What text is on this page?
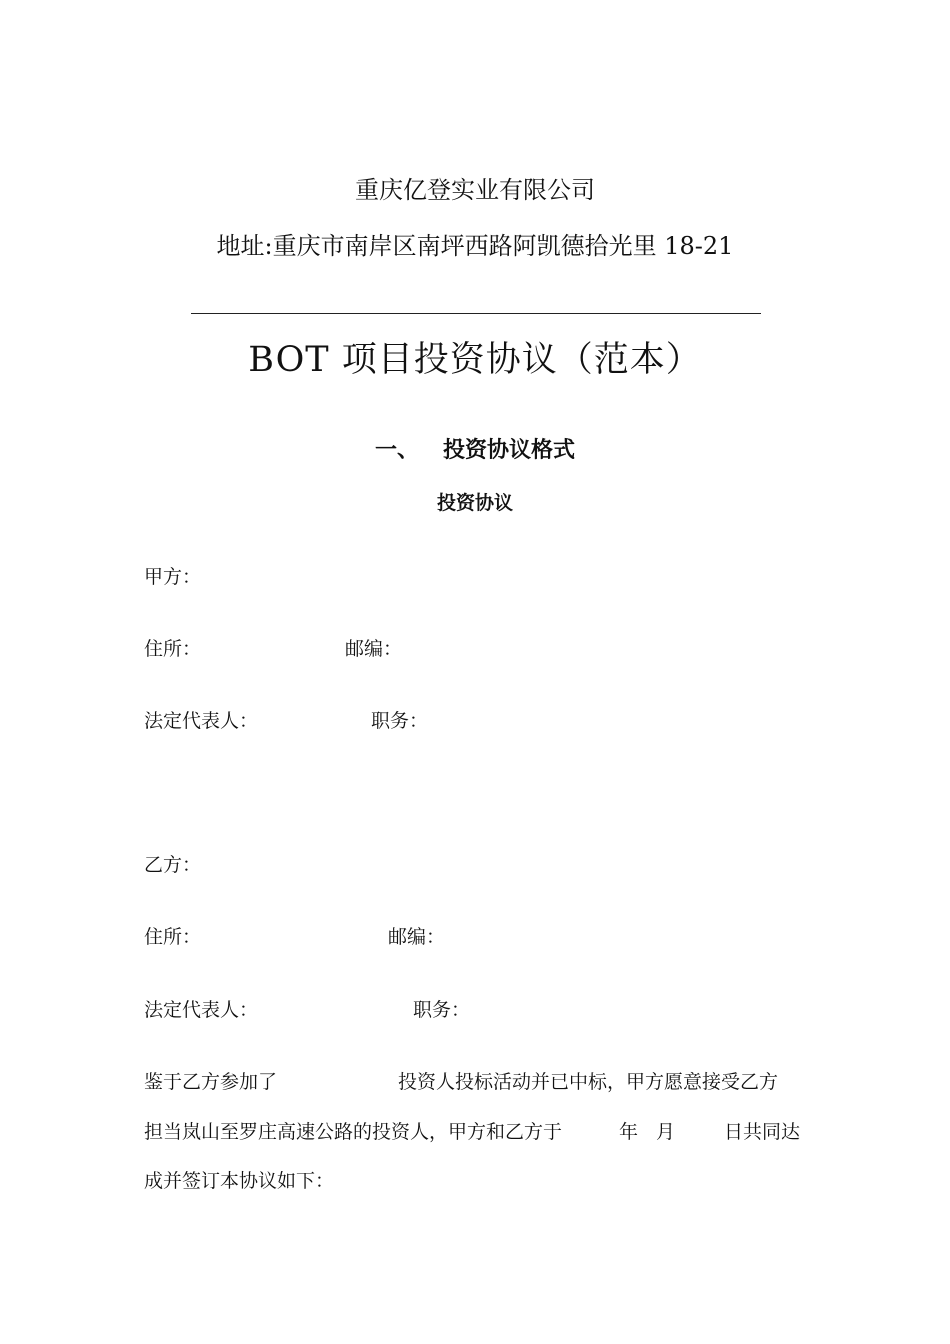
重庆亿登实业有限公司
地址:重庆市南岸区南坪西路阿凯德拾光里 18-21
BOT 项目投资协议（范本）
一、 投资协议格式
投资协议
甲方：
住所：	邮编：
法定代表人：	职务：
乙方：
住所：	邮编：
法定代表人：	职务：
鉴于乙方参加了	投资人投标活动并已中标，甲方愿意接受乙方
担当岚山至罗庄高速公路的投资人，甲方和乙方于	年 月	日共同达
成并签订本协议如下：
